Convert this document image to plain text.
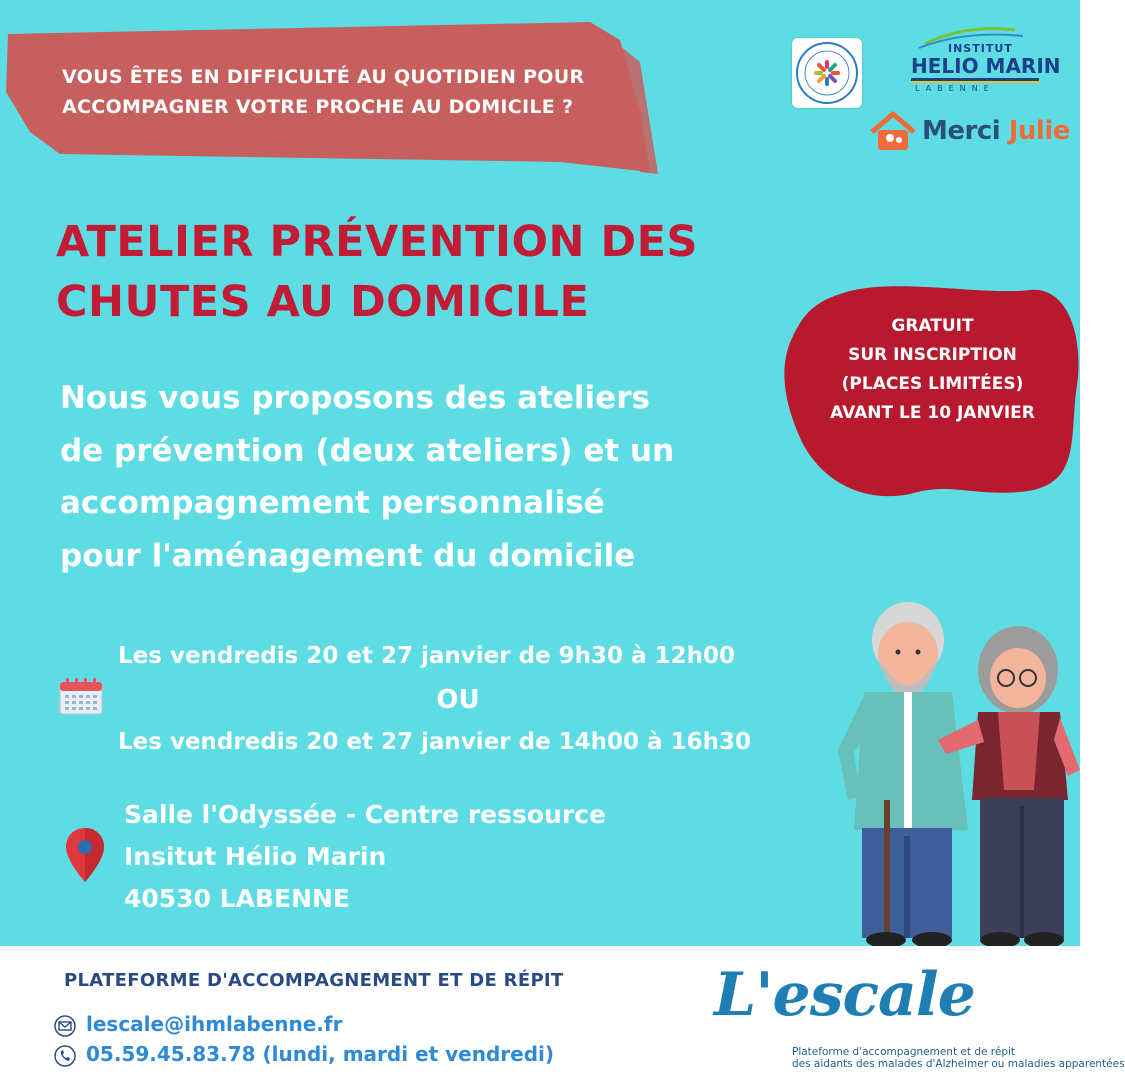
VOUS ÊTES EN DIFFICULTÉ AU QUOTIDIEN POUR
ACCOMPAGNER VOTRE PROCHE AU DOMICILE ?
INSTITUT
HELIO MARIN
LABENNE
Merci Julie
ATELIER PRÉVENTION DES
CHUTES AU DOMICILE	GRATUIT
SUR INSCRIPTION
(PLACES LIMITÉES)
AVANT LE 10 JANVIER
Nous vous proposons des ateliers
de prévention (deux ateliers) et un
accompagnement personnalisé
pour l'aménagement du domicile
Les vendredis 20 et 27 janvier de 9h30 à 12h00
OU
Les vendredis 20 et 27 janvier de 14h00 à 16h30
Salle l'Odyssée - Centre ressource
Insitut Hélio Marin
40530 LABENNE
PLATEFORME D'ACCOMPAGNEMENT ET DE RÉPIT
lescale@ihmlabenne.fr
05.59.45.83.78 (lundi, mardi et vendredi)
L'escale
Plateforme d'accompagnement et de répit
des aidants des malades d'Alzheimer ou maladies apparentées
